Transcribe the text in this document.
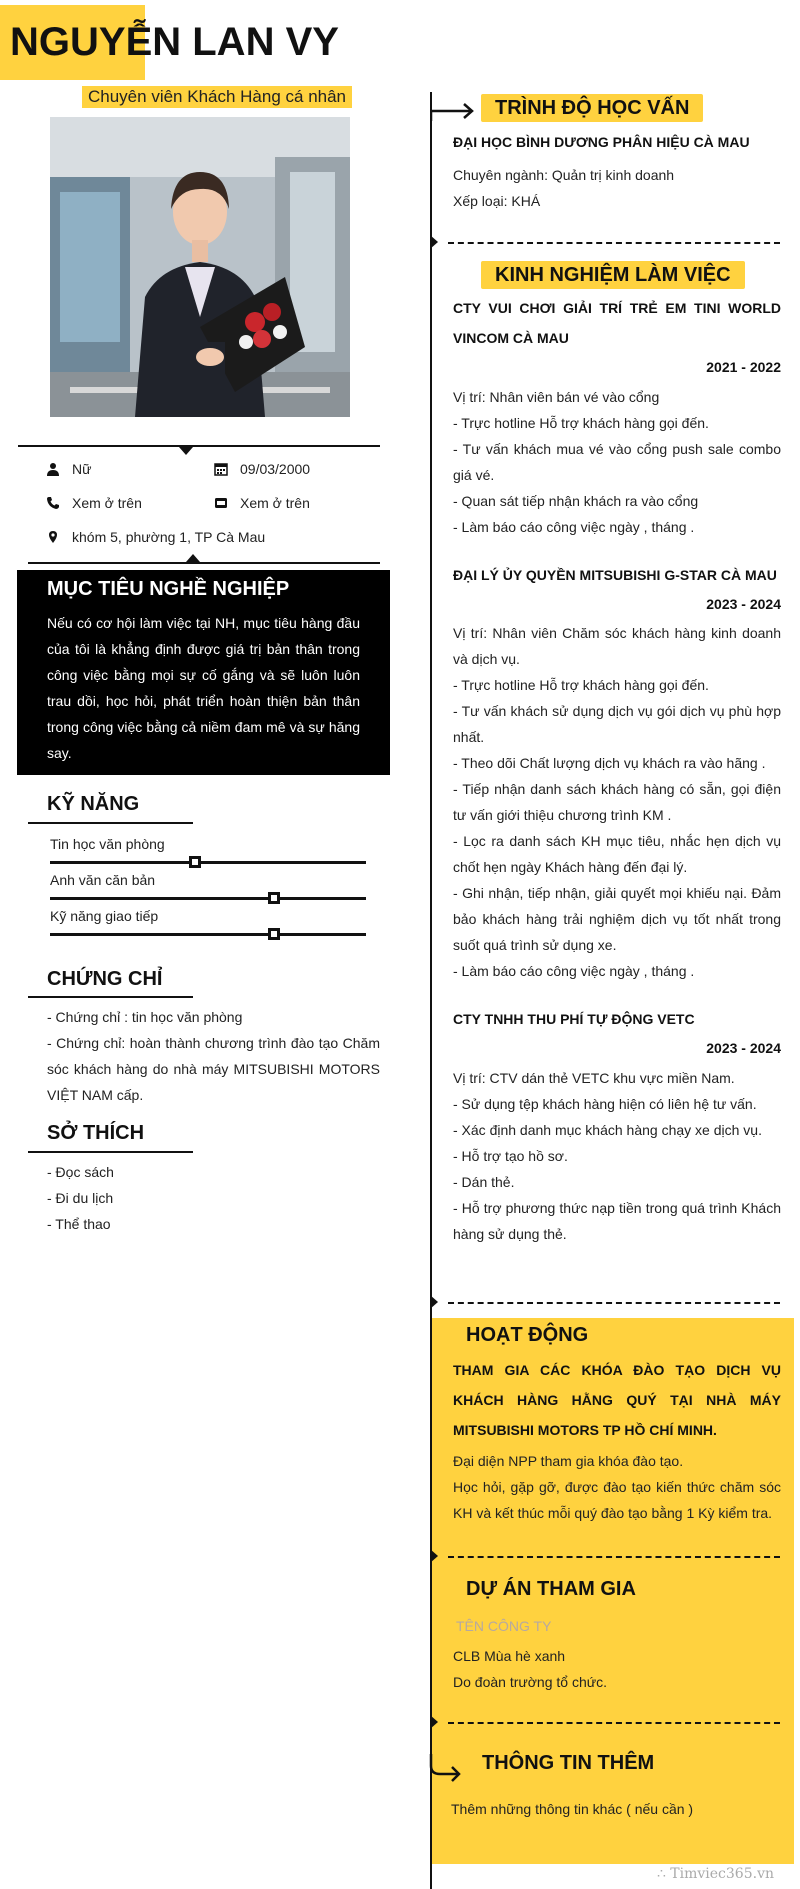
NGUYỄN LAN VY
Chuyên viên Khách Hàng cá nhân
Nữ	09/03/2000
Xem ở trên	Xem ở trên
khóm 5, phường 1, TP Cà Mau
MỤC TIÊU NGHỀ NGHIỆP

Nếu có cơ hội làm việc tại NH, mục tiêu hàng đầu của tôi là khẳng định được giá trị bản thân trong công việc bằng mọi sự cố gắng và sẽ luôn luôn trau dồi, học hỏi, phát triển hoàn thiện bản thân trong công việc bằng cả niềm đam mê và sự hăng say.

KỸ NĂNG
Tin học văn phòng
Anh văn căn bản
Kỹ năng giao tiếp
CHỨNG CHỈ
- Chứng chỉ : tin học văn phòng
- Chứng chỉ: hoàn thành chương trình đào tạo Chăm sóc khách hàng do nhà máy MITSUBISHI MOTORS VIỆT NAM cấp.
SỞ THÍCH
- Đọc sách
- Đi du lịch
- Thể thao
TRÌNH ĐỘ HỌC VẤN
ĐẠI HỌC BÌNH DƯƠNG PHÂN HIỆU CÀ MAU
Chuyên ngành: Quản trị kinh doanh
Xếp loại: KHÁ
KINH NGHIỆM LÀM VIỆC
CTY VUI CHƠI GIẢI TRÍ TRẺ EM TINI WORLD VINCOM CÀ MAU
2021 - 2022
Vị trí: Nhân viên bán vé vào cổng
- Trực hotline Hỗ trợ khách hàng gọi đến.
- Tư vấn khách mua vé vào cổng push sale combo giá vé.
- Quan sát tiếp nhận khách ra vào cổng
- Làm báo cáo công việc ngày , tháng .
ĐẠI LÝ ỦY QUYỀN MITSUBISHI G-STAR CÀ MAU
2023 - 2024
Vị trí: Nhân viên Chăm sóc khách hàng kinh doanh và dịch vụ.
- Trực hotline Hỗ trợ khách hàng gọi đến.
- Tư vấn khách sử dụng dịch vụ gói dịch vụ phù hợp nhất.
- Theo dõi Chất lượng dịch vụ khách ra vào hãng .
- Tiếp nhận danh sách khách hàng có sẵn, gọi điện tư vấn giới thiệu chương trình KM .
- Lọc ra danh sách KH mục tiêu, nhắc hẹn dịch vụ chốt hẹn ngày Khách hàng đến đại lý.
- Ghi nhận, tiếp nhận, giải quyết mọi khiếu nại. Đảm bảo khách hàng trải nghiệm dịch vụ tốt nhất trong suốt quá trình sử dụng xe.
- Làm báo cáo công việc ngày , tháng .
CTY TNHH THU PHÍ TỰ ĐỘNG VETC
2023 - 2024
Vị trí: CTV dán thẻ VETC khu vực miền Nam.
- Sử dụng tệp khách hàng hiện có liên hệ tư vấn.
- Xác định danh mục khách hàng chạy xe dịch vụ.
- Hỗ trợ tạo hồ sơ.
- Dán thẻ.
- Hỗ trợ phương thức nạp tiền trong quá trình Khách hàng sử dụng thẻ.
HOẠT ĐỘNG
THAM GIA CÁC KHÓA ĐÀO TẠO DỊCH VỤ KHÁCH HÀNG HẰNG QUÝ TẠI NHÀ MÁY MITSUBISHI MOTORS TP HỒ CHÍ MINH.
Đại diện NPP tham gia khóa đào tạo.
Học hỏi, gặp gỡ, được đào tạo kiến thức chăm sóc KH và kết thúc mỗi quý đào tạo bằng 1 Kỳ kiểm tra.
DỰ ÁN THAM GIA
TÊN CÔNG TY
CLB Mùa hè xanh
Do đoàn trường tổ chức.
THÔNG TIN THÊM
Thêm những thông tin khác ( nếu cần )
∴ Timviec365.vn
